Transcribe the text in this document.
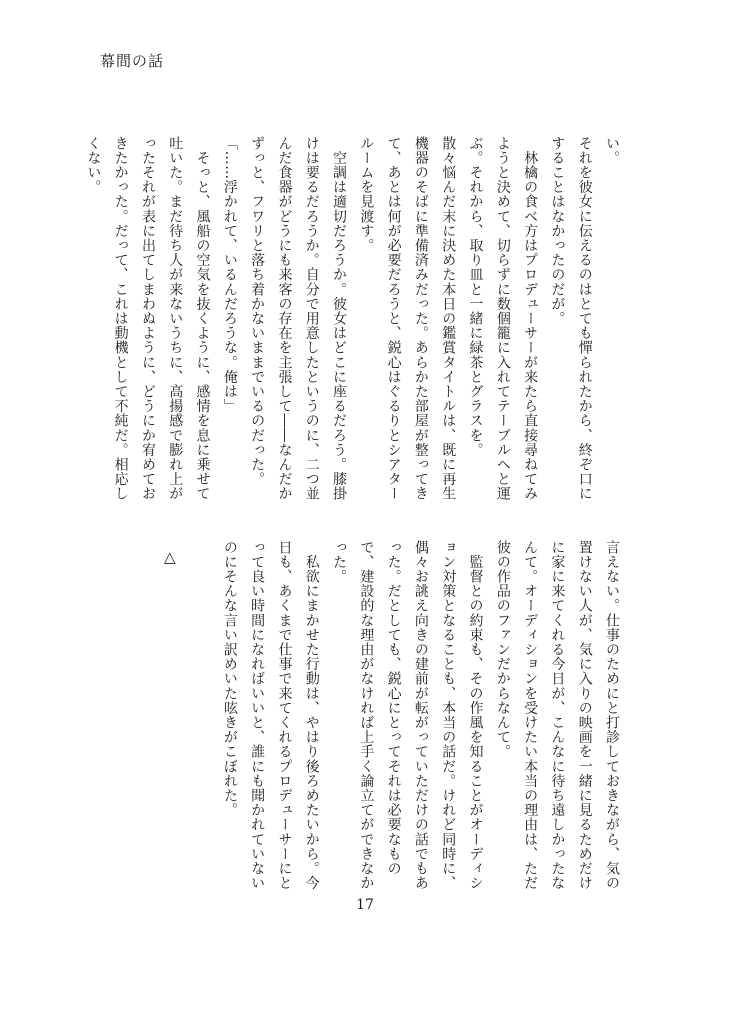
幕間の話
い。
それを彼女に伝えるのはとても憚られたから、終ぞ口にすることはなかったのだが。
　林檎の食べ方はプロデューサーが来たら直接尋ねてみようと決めて、切らずに数個籠に入れてテーブルへと運ぶ。それから、取り皿と一緒に緑茶とグラスを。
散々悩んだ末に決めた本日の鑑賞タイトルは、既に再生機器のそばに準備済みだった。あらかた部屋が整ってきて、あとは何が必要だろうと、鋭心はぐるりとシアタールームを見渡す。
　空調は適切だろうか。彼女はどこに座るだろう。膝掛けは要るだろうか。自分で用意したというのに、二つ並んだ食器がどうにも来客の存在を主張して――なんだかずっと、フワリと落ち着かないままでいるのだった。
「……浮かれて、いるんだろうな。俺は」
　そっと、風船の空気を抜くように、感情を息に乗せて吐いた。まだ待ち人が来ないうちに、高揚感で膨れ上がったそれが表に出てしまわぬように、どうにか宥めておきたかった。だって、これは動機として不純だ。相応しくない。
△	言えない。仕事のためにと打診しておきながら、気の置けない人が、気に入りの映画を一緒に見るためだけに家に来てくれる今日が、こんなに待ち遠しかったなんて。オーディションを受けたい本当の理由は、ただ彼の作品のファンだからなんて。
　監督との約束も、その作風を知ることがオーディション対策となることも、本当の話だ。けれど同時に、偶々お誂え向きの建前が転がっていただけの話でもあった。だとしても、鋭心にとってそれは必要なもので、建設的な理由がなければ上手く論立てができなかった。
　私欲にまかせた行動は、やはり後ろめたいから。今日も、あくまで仕事で来てくれるプロデューサーにとって良い時間になればいいと、誰にも聞かれていないのにそんな言い訳めいた呟きがこぼれた。
17
